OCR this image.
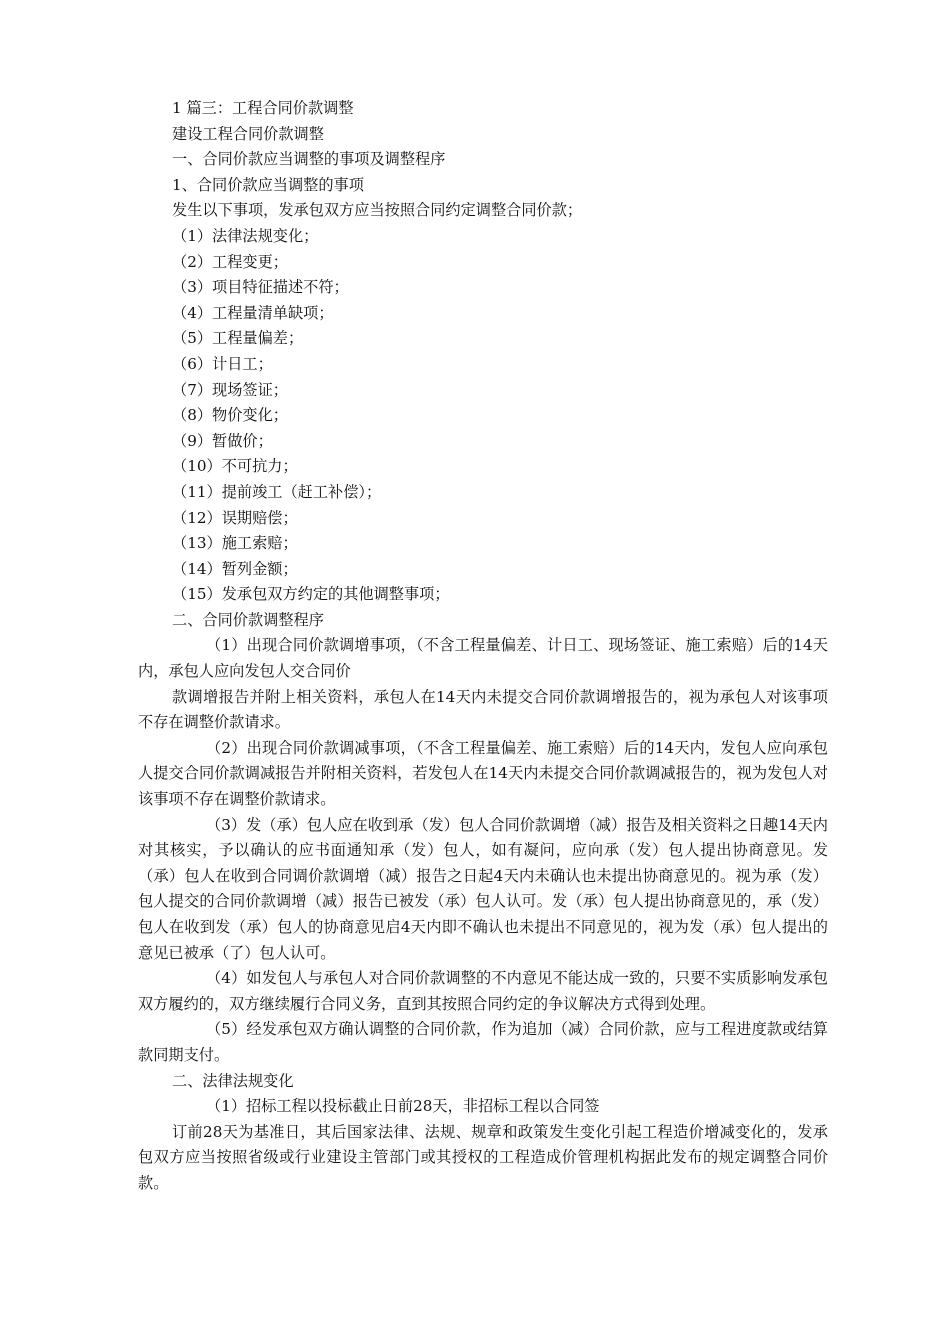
1 篇三：工程合同价款调整
建设工程合同价款调整
一、合同价款应当调整的事项及调整程序
1、合同价款应当调整的事项
发生以下事项，发承包双方应当按照合同约定调整合同价款；
（1）法律法规变化；
（2）工程变更；
（3）项目特征描述不符；
（4）工程量清单缺项；
（5）工程量偏差；
（6）计日工；
（7）现场签证；
（8）物价变化；
（9）暂做价；
（10）不可抗力；
（11）提前竣工（赶工补偿）；
（12）误期赔偿；
（13）施工索赔；
（14）暂列金额；
（15）发承包双方约定的其他调整事项；
二、合同价款调整程序
（1）出现合同价款调增事项，（不含工程量偏差、计日工、现场签证、施工索赔）后的14天内，承包人应向发包人交合同价
款调增报告并附上相关资料，承包人在14天内未提交合同价款调增报告的，视为承包人对该事项不存在调整价款请求。
（2）出现合同价款调减事项，（不含工程量偏差、施工索赔）后的14天内，发包人应向承包人提交合同价款调减报告并附相关资料，若发包人在14天内未提交合同价款调减报告的，视为发包人对该事项不存在调整价款请求。
（3）发（承）包人应在收到承（发）包人合同价款调增（减）报告及相关资料之日趣14天内对其核实，予以确认的应书面通知承（发）包人，如有凝问，应向承（发）包人提出协商意见。发（承）包人在收到合同调价款调增（减）报告之日起4天内未确认也未提出协商意见的。视为承（发）包人提交的合同价款调增（减）报告已被发（承）包人认可。发（承）包人提出协商意见的，承（发）包人在收到发（承）包人的协商意见启4天内即不确认也未提出不同意见的，视为发（承）包人提出的意见已被承（了）包人认可。
（4）如发包人与承包人对合同价款调整的不内意见不能达成一致的，只要不实质影响发承包双方履约的，双方继续履行合同义务，直到其按照合同约定的争议解决方式得到处理。
（5）经发承包双方确认调整的合同价款，作为追加（减）合同价款，应与工程进度款或结算款同期支付。
二、法律法规变化
（1）招标工程以投标截止日前28天，非招标工程以合同签
订前28天为基准日，其后国家法律、法规、规章和政策发生变化引起工程造价增减变化的，发承包双方应当按照省级或行业建设主管部门或其授权的工程造成价管理机构据此发布的规定调整合同价款。
